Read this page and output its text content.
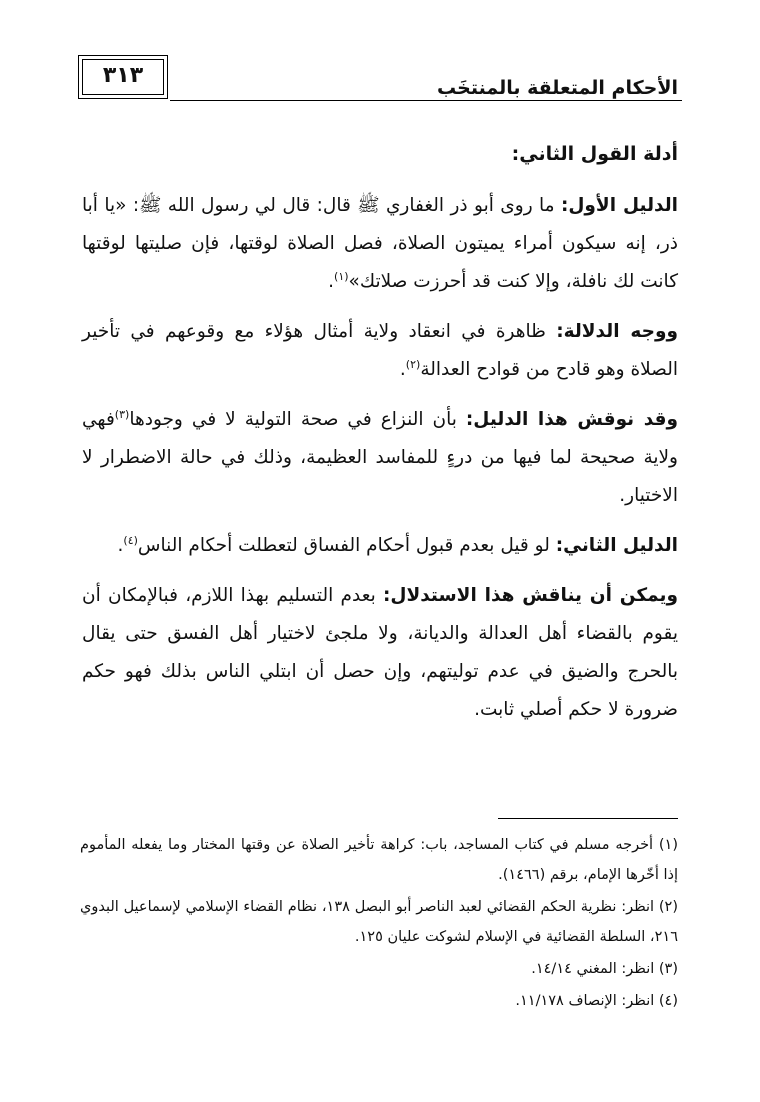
الأحكام المتعلقة بالمنتخَب
٣١٣

أدلة القول الثاني:

الدليل الأول: ما روى أبو ذر الغفاري ﷺ قال: قال لي رسول الله ﷺ: «يا أبا ذر، إنه سيكون أمراء يميتون الصلاة، فصل الصلاة لوقتها، فإن صليتها لوقتها كانت لك نافلة، وإلا كنت قد أحرزت صلاتك»$^{(١)}$.

ووجه الدلالة: ظاهرة في انعقاد ولاية أمثال هؤلاء مع وقوعهم في تأخير الصلاة وهو قادح من قوادح العدالة$^{(٢)}$.

وقد نوقش هذا الدليل: بأن النزاع في صحة التولية لا في وجودها$^{(٣)}$فهي ولاية صحيحة لما فيها من درءٍ للمفاسد العظيمة، وذلك في حالة الاضطرار لا الاختيار.

الدليل الثاني: لو قيل بعدم قبول أحكام الفساق لتعطلت أحكام الناس$^{(٤)}$.

ويمكن أن يناقش هذا الاستدلال: بعدم التسليم بهذا اللازم، فبالإمكان أن يقوم بالقضاء أهل العدالة والديانة، ولا ملجئ لاختيار أهل الفسق حتى يقال بالحرج والضيق في عدم توليتهم، وإن حصل أن ابتلي الناس بذلك فهو حكم ضرورة لا حكم أصلي ثابت.

(١) أخرجه مسلم في كتاب المساجد، باب: كراهة تأخير الصلاة عن وقتها المختار وما يفعله المأموم إذا أخّرها الإمام، برقم (١٤٦٦).

(٢) انظر: نظرية الحكم القضائي لعبد الناصر أبو البصل ١٣٨، نظام القضاء الإسلامي لإسماعيل البدوي ٢١٦، السلطة القضائية في الإسلام لشوكت عليان ١٢٥.

(٣) انظر: المغني ١٤/١٤.

(٤) انظر: الإنصاف ١١/١٧٨.
